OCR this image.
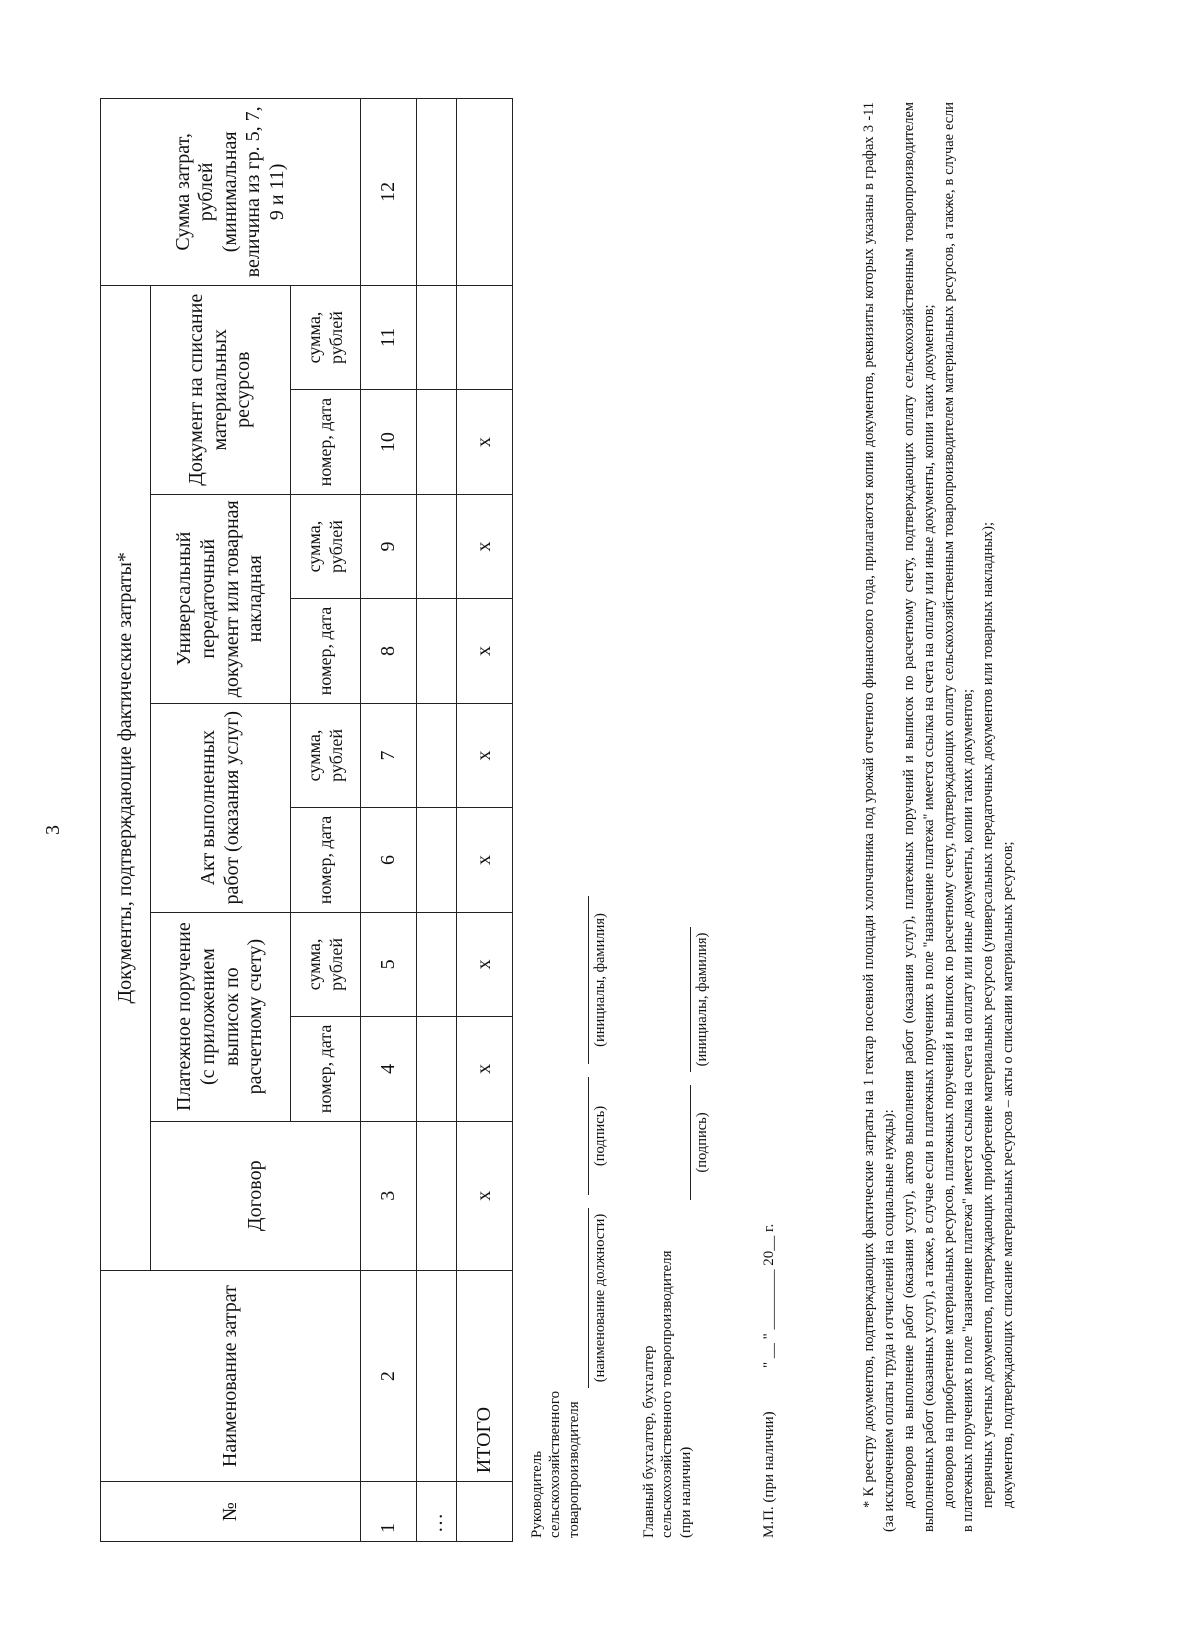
3
№	Наименование затрат	Документы, подтверждающие фактические затраты*									Сумма затрат, рублей (минимальная величина из гр. 5, 7, 9 и 11)
		Договор	Платежное поручение (с приложением выписок по расчетному счету)		Акт выполненных работ (оказания услуг)		Универсальный передаточный документ или товарная накладная		Документ на списание материальных ресурсов		
			номер, дата	сумма, рублей	номер, дата	сумма, рублей	номер, дата	сумма, рублей	номер, дата	сумма, рублей	
1	2	3	4	5	6	7	8	9	10	11	12
…											
	ИТОГО	x	x	x	x	x	x	x	x		
Руководитель сельскохозяйственного товаропроизводителя
(наименование должности)
(подпись)
(инициалы, фамилия)
Главный бухгалтер, бухгалтер сельскохозяйственного товаропроизводителя (при наличии)
(подпись)
(инициалы, фамилия)
М.П. (при наличии)
" __ " ________ 20__ г.	* К реестру документов, подтверждающих фактические затраты на 1 гектар посевной площади хлопчатника под урожай отчетного финансового года, прилагаются копии документов, реквизиты которых указаны в графах 3 -11 (за исключением оплаты труда и отчислений на социальные нужды): договоров на выполнение работ (оказания услуг), актов выполнения работ (оказания услуг), платежных поручений и выписок по расчетному счету, подтверждающих оплату сельскохозяйственным товаропроизводителем выполненных работ (оказанных услуг), а также, в случае если в платежных поручениях в поле "назначение платежа" имеется ссылка на счета на оплату или иные документы, копии таких документов; договоров на приобретение материальных ресурсов, платежных поручений и выписок по расчетному счету, подтверждающих оплату сельскохозяйственным товаропроизводителем материальных ресурсов, а также, в случае если в платежных поручениях в поле "назначение платежа" имеется ссылка на счета на оплату или иные документы, копии таких документов; первичных учетных документов, подтверждающих приобретение материальных ресурсов (универсальных передаточных документов или товарных накладных); документов, подтверждающих списание материальных ресурсов – акты о списании материальных ресурсов;
